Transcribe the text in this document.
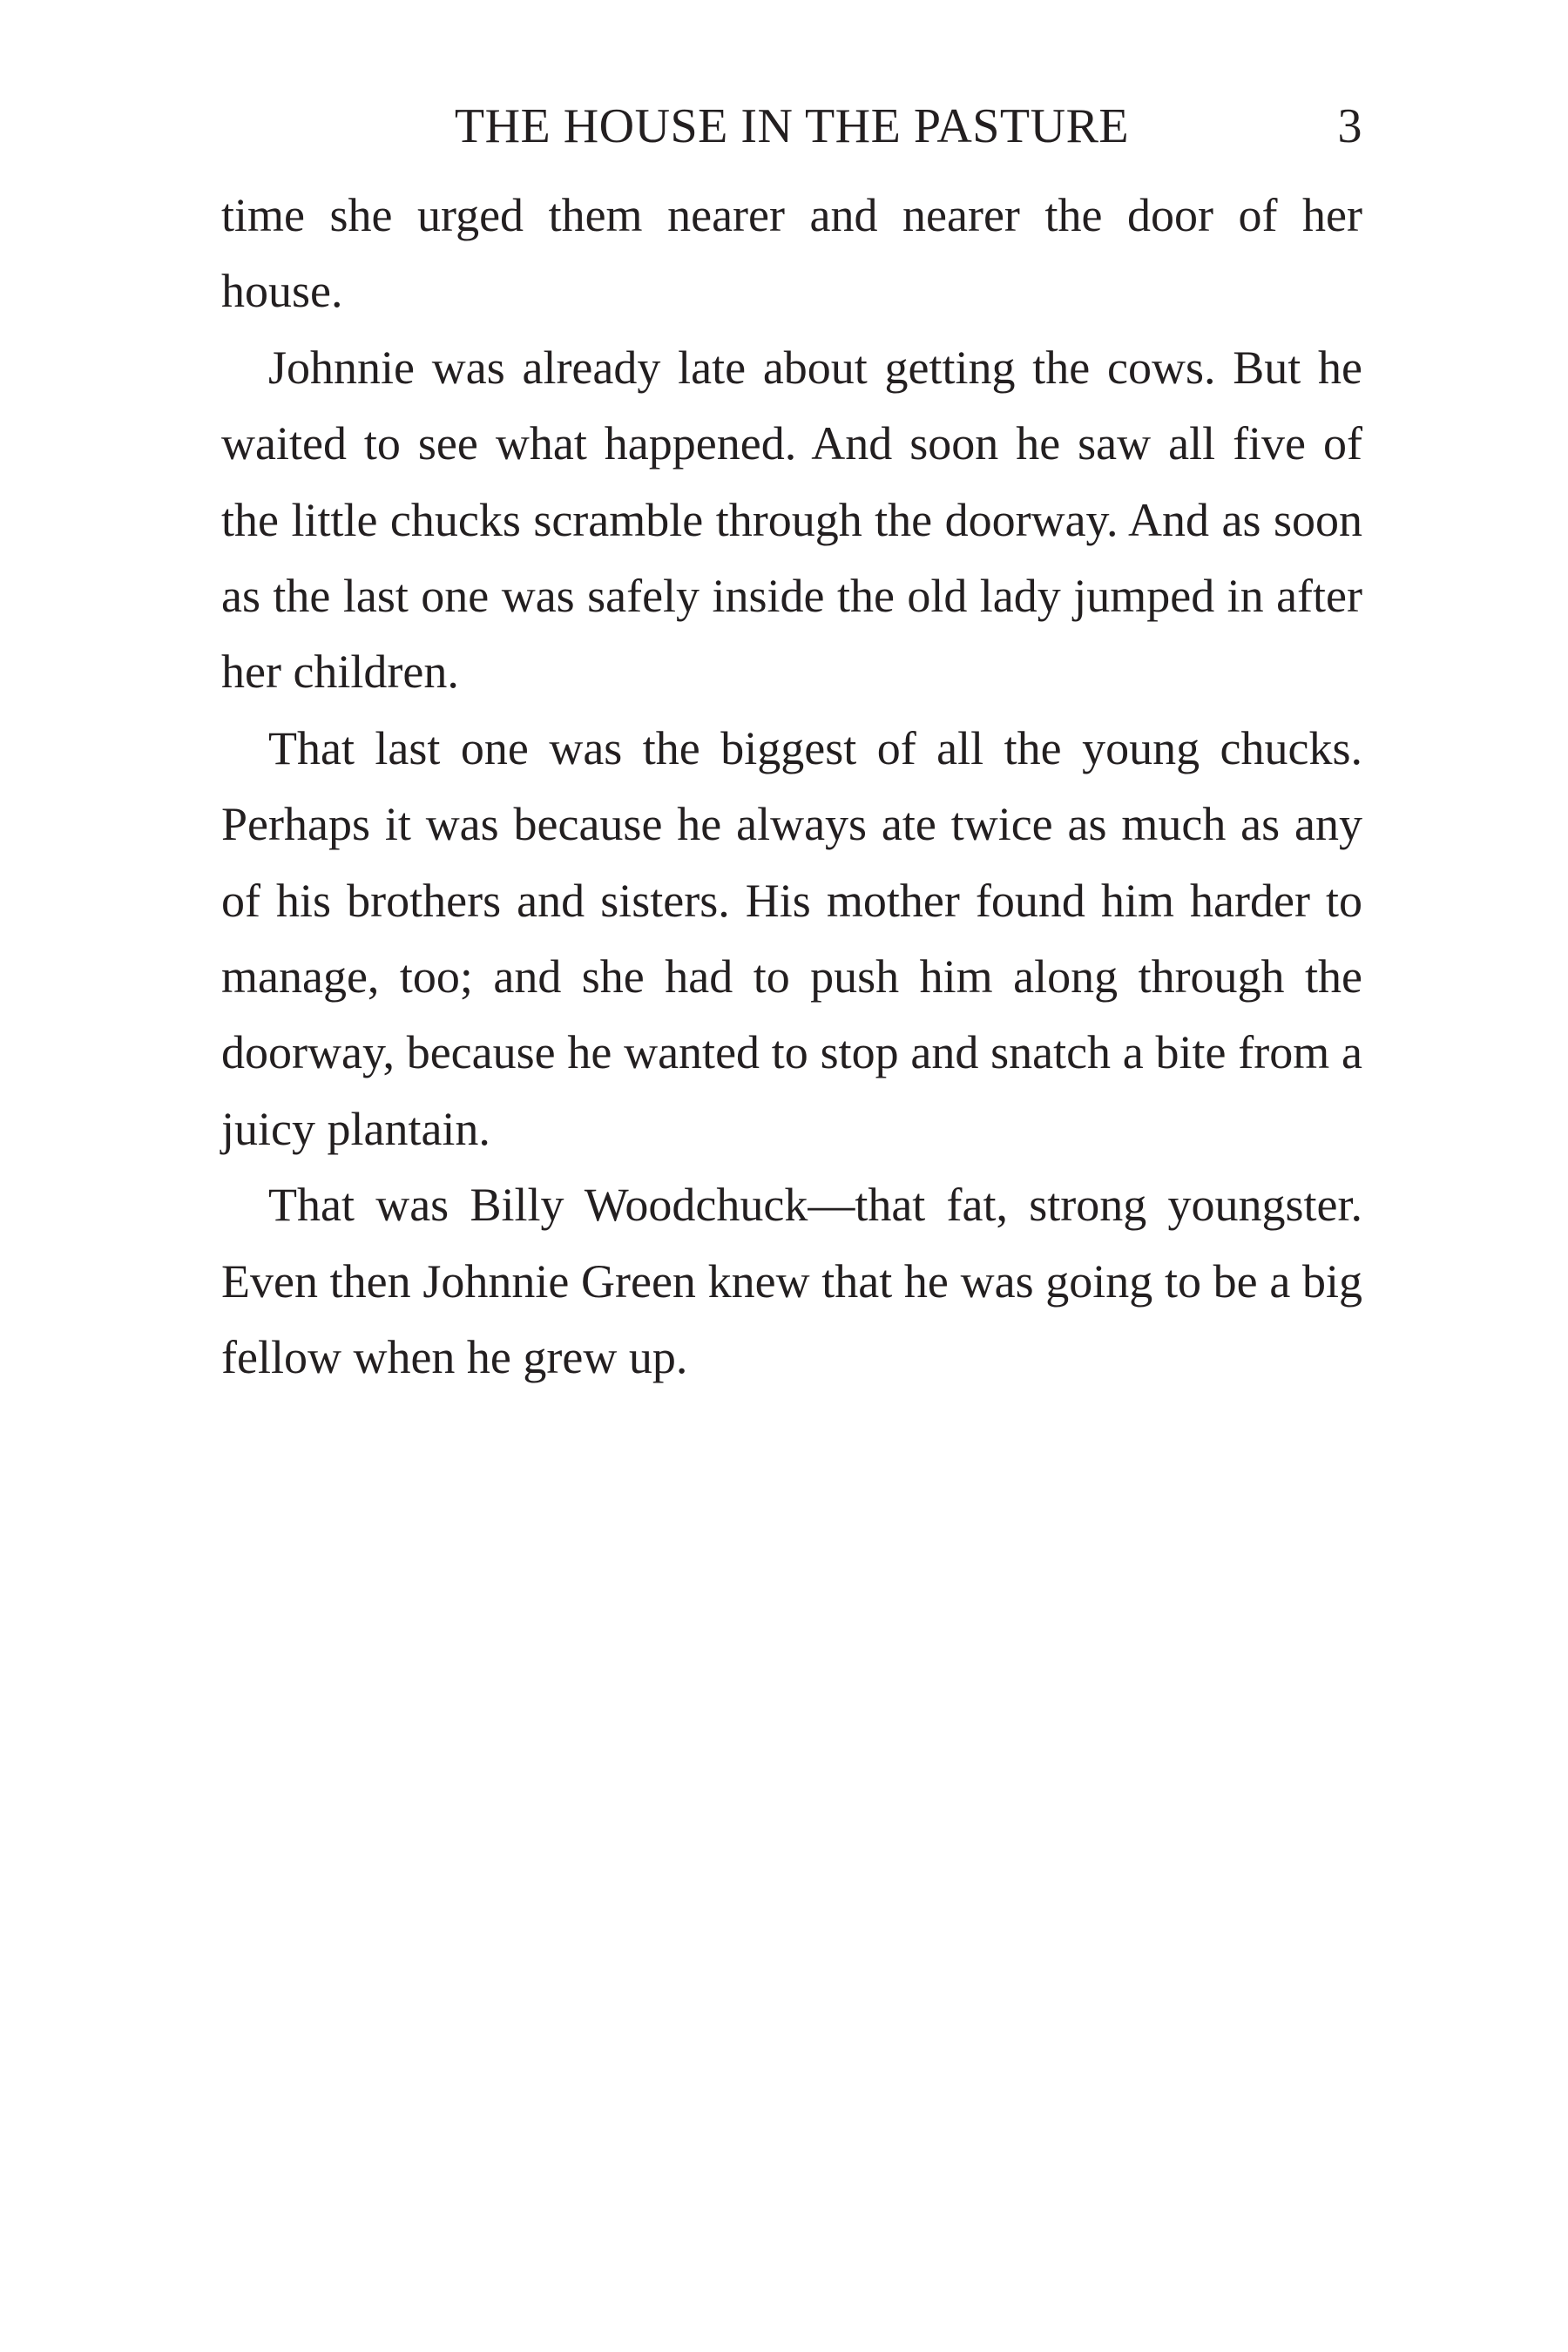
THE HOUSE IN THE PASTURE	3

time she urged them nearer and nearer the door of her house.

Johnnie was already late about getting the cows. But he waited to see what happened. And soon he saw all five of the little chucks scramble through the doorway. And as soon as the last one was safely inside the old lady jumped in after her children.

That last one was the biggest of all the young chucks. Perhaps it was because he always ate twice as much as any of his brothers and sisters. His mother found him harder to manage, too; and she had to push him along through the doorway, because he wanted to stop and snatch a bite from a juicy plantain.

That was Billy Woodchuck—that fat, strong youngster. Even then Johnnie Green knew that he was going to be a big fellow when he grew up.
